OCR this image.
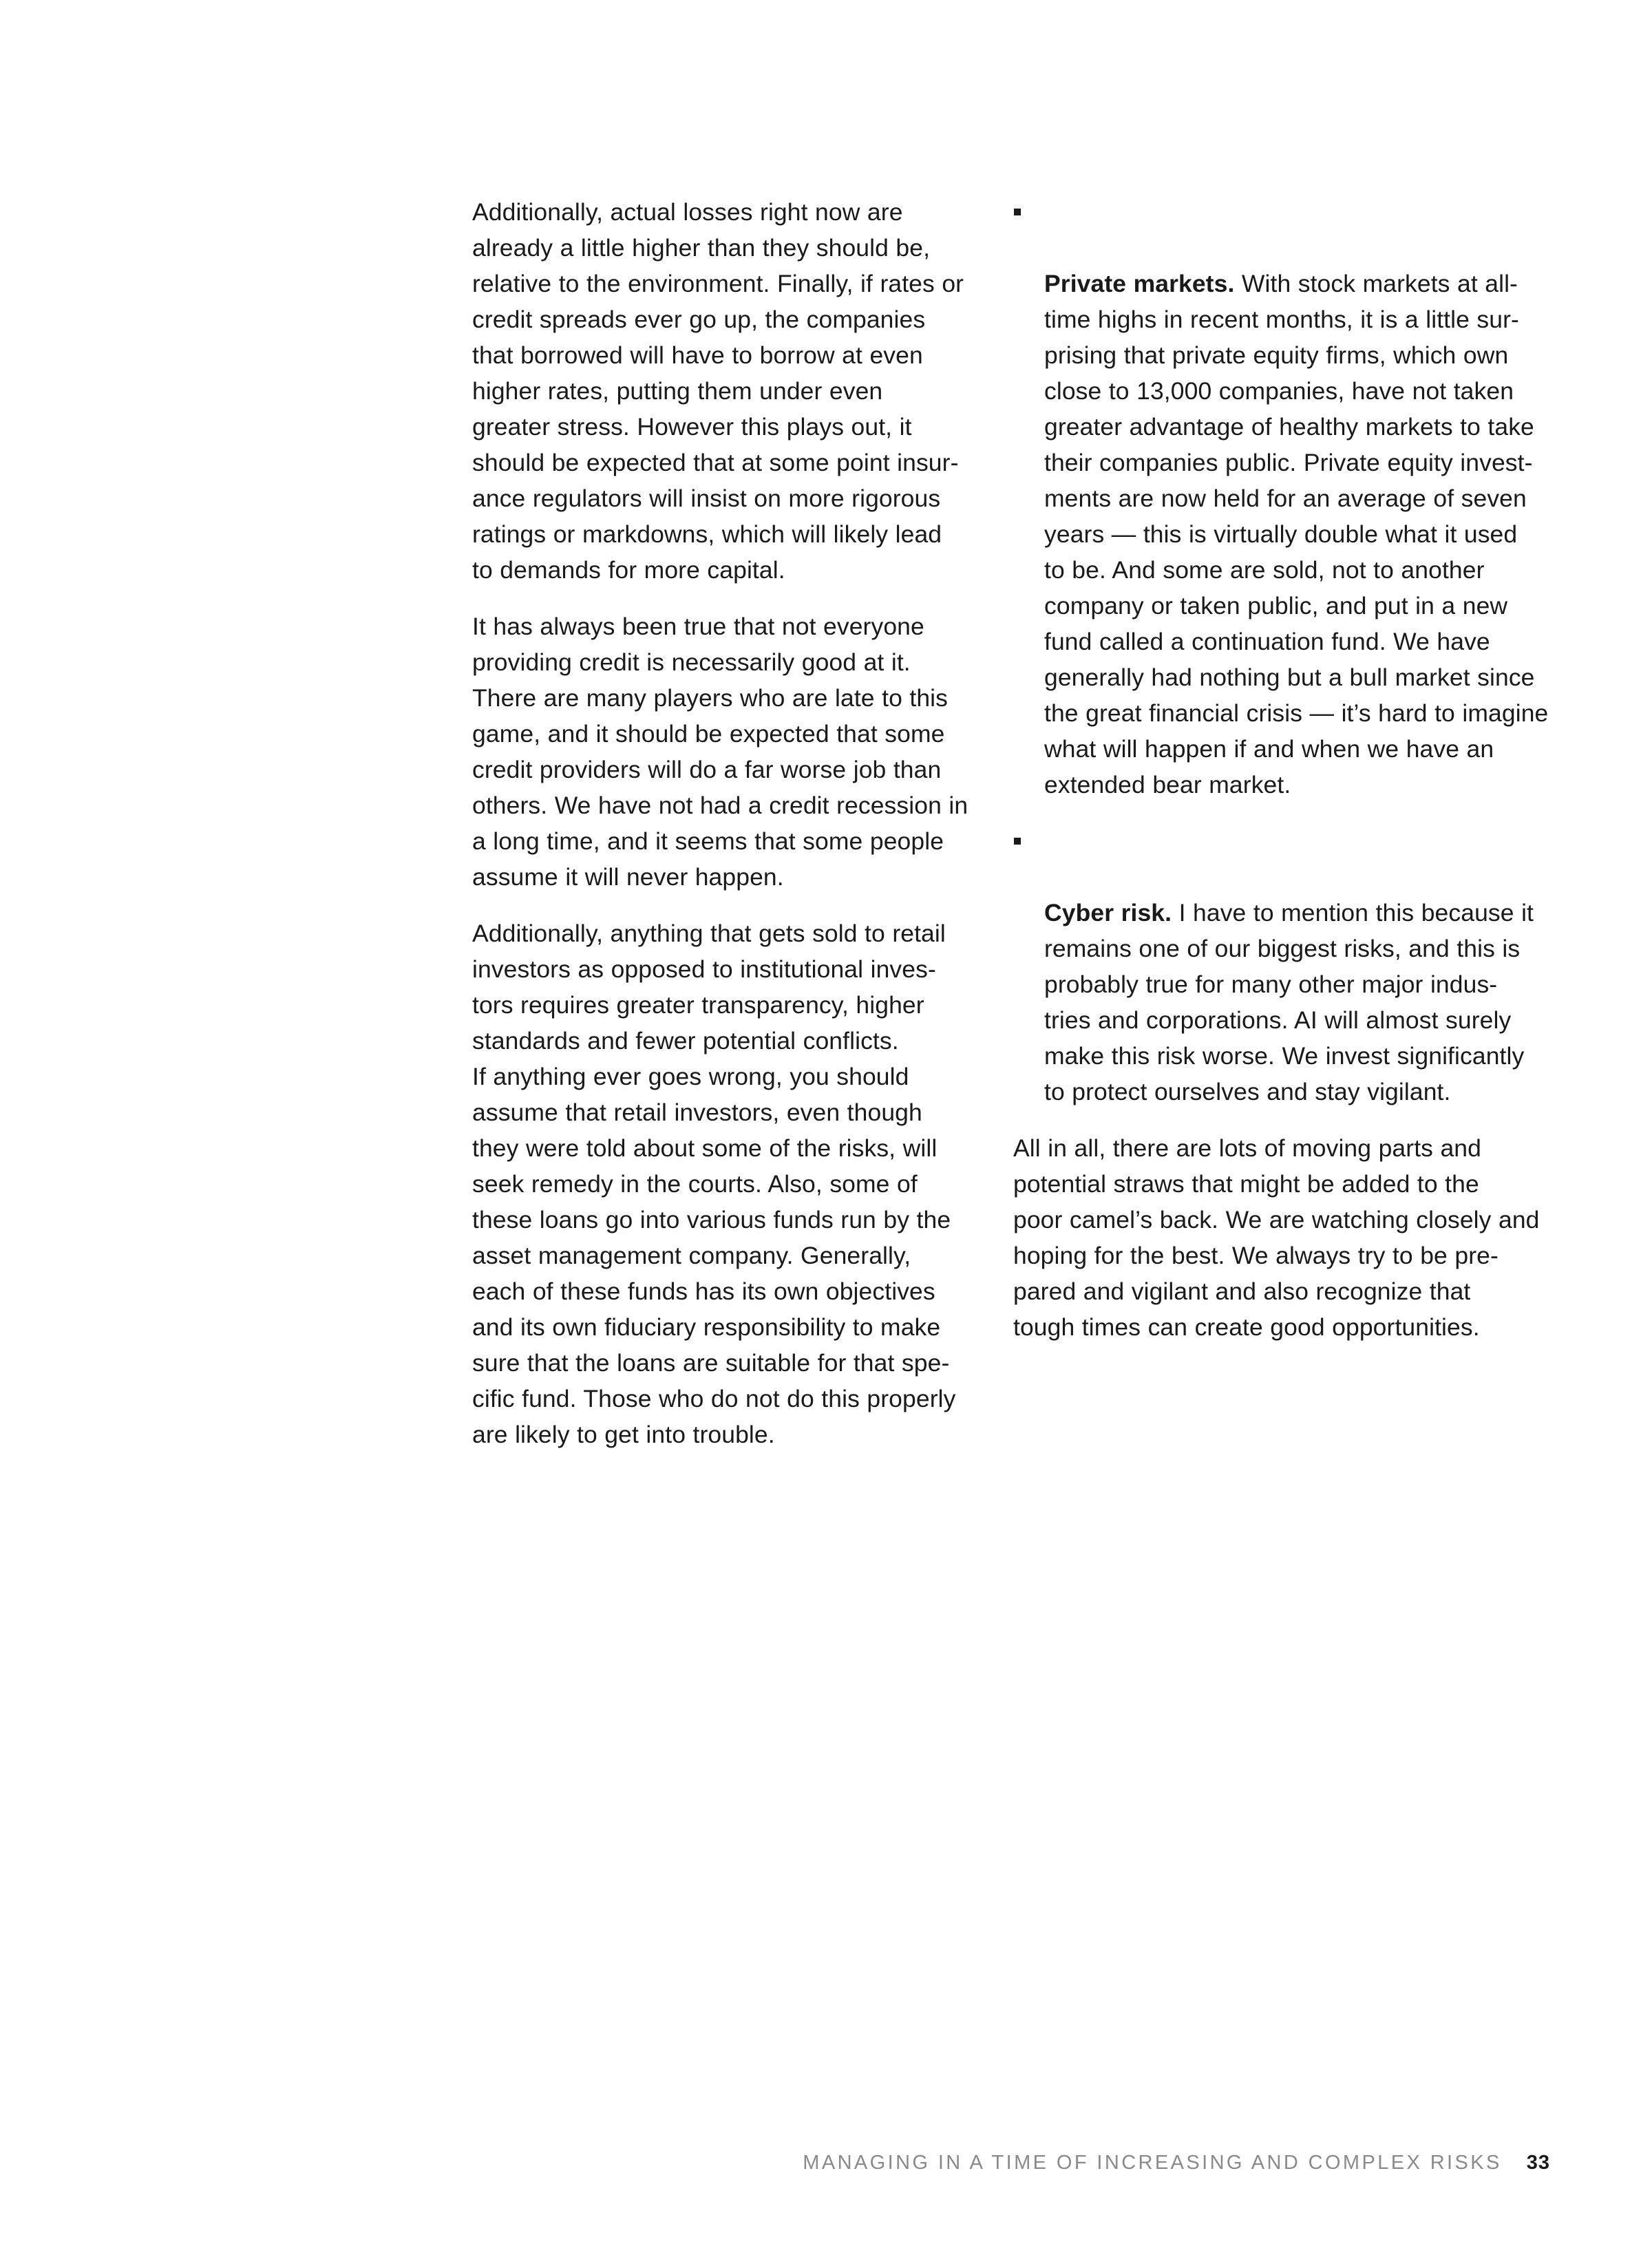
Additionally, actual losses right now are
already a little higher than they should be,
relative to the environment. Finally, if rates or
credit spreads ever go up, the companies
that borrowed will have to borrow at even
higher rates, putting them under even
greater stress. However this plays out, it
should be expected that at some point insur-
ance regulators will insist on more rigorous
ratings or markdowns, which will likely lead
to demands for more capital.

It has always been true that not everyone
providing credit is necessarily good at it.
There are many players who are late to this
game, and it should be expected that some
credit providers will do a far worse job than
others. We have not had a credit recession in
a long time, and it seems that some people
assume it will never happen.

Additionally, anything that gets sold to retail
investors as opposed to institutional inves-
tors requires greater transparency, higher
standards and fewer potential conflicts.
If anything ever goes wrong, you should
assume that retail investors, even though
they were told about some of the risks, will
seek remedy in the courts. Also, some of
these loans go into various funds run by the
asset management company. Generally,
each of these funds has its own objectives
and its own fiduciary responsibility to make
sure that the loans are suitable for that spe-
cific fund. Those who do not do this properly
are likely to get into trouble.

Private markets. With stock markets at all-
time highs in recent months, it is a little sur-
prising that private equity firms, which own
close to 13,000 companies, have not taken
greater advantage of healthy markets to take
their companies public. Private equity invest-
ments are now held for an average of seven
years — this is virtually double what it used
to be. And some are sold, not to another
company or taken public, and put in a new
fund called a continuation fund. We have
generally had nothing but a bull market since
the great financial crisis — it’s hard to imagine
what will happen if and when we have an
extended bear market.

Cyber risk. I have to mention this because it
remains one of our biggest risks, and this is
probably true for many other major indus-
tries and corporations. AI will almost surely
make this risk worse. We invest significantly
to protect ourselves and stay vigilant.

All in all, there are lots of moving parts and
potential straws that might be added to the
poor camel’s back. We are watching closely and
hoping for the best. We always try to be pre-
pared and vigilant and also recognize that
tough times can create good opportunities.

MANAGING IN A TIME OF INCREASING AND COMPLEX RISKS 33
